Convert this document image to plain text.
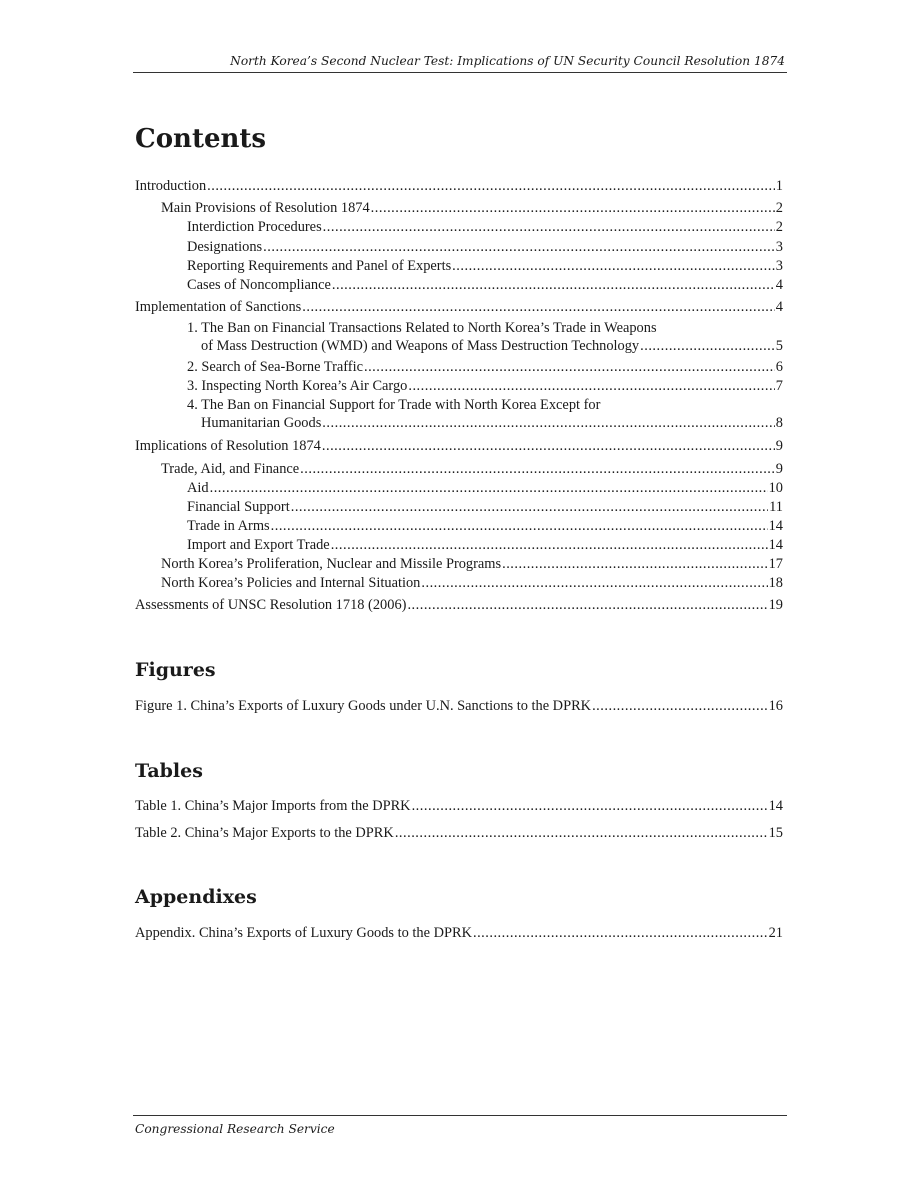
North Korea’s Second Nuclear Test: Implications of UN Security Council Resolution 1874
Contents
Introduction .....	1
Main Provisions of Resolution 1874 .....	2
Interdiction Procedures .....	2
Designations .....	3
Reporting Requirements and Panel of Experts .....	3
Cases of Noncompliance .....	4
Implementation of Sanctions .....	4
1. The Ban on Financial Transactions Related to North Korea’s Trade in Weapons
of Mass Destruction (WMD) and Weapons of Mass Destruction Technology .....	5
2. Search of Sea-Borne Traffic .....	6
3. Inspecting North Korea’s Air Cargo .....	7
4. The Ban on Financial Support for Trade with North Korea Except for
Humanitarian Goods .....	8
Implications of Resolution 1874 .....	9
Trade, Aid, and Finance .....	9
Aid .....	10
Financial Support .....	11
Trade in Arms .....	14
Import and Export Trade .....	14
North Korea’s Proliferation, Nuclear and Missile Programs .....	17
North Korea’s Policies and Internal Situation .....	18
Assessments of UNSC Resolution 1718 (2006) .....	19
Figures
Figure 1. China’s Exports of Luxury Goods under U.N. Sanctions to the DPRK .....	16
Tables
Table 1. China’s Major Imports from the DPRK .....	14
Table 2. China’s Major Exports to the DPRK .....	15
Appendixes
Appendix. China’s Exports of Luxury Goods to the DPRK .....	21
Congressional Research Service
